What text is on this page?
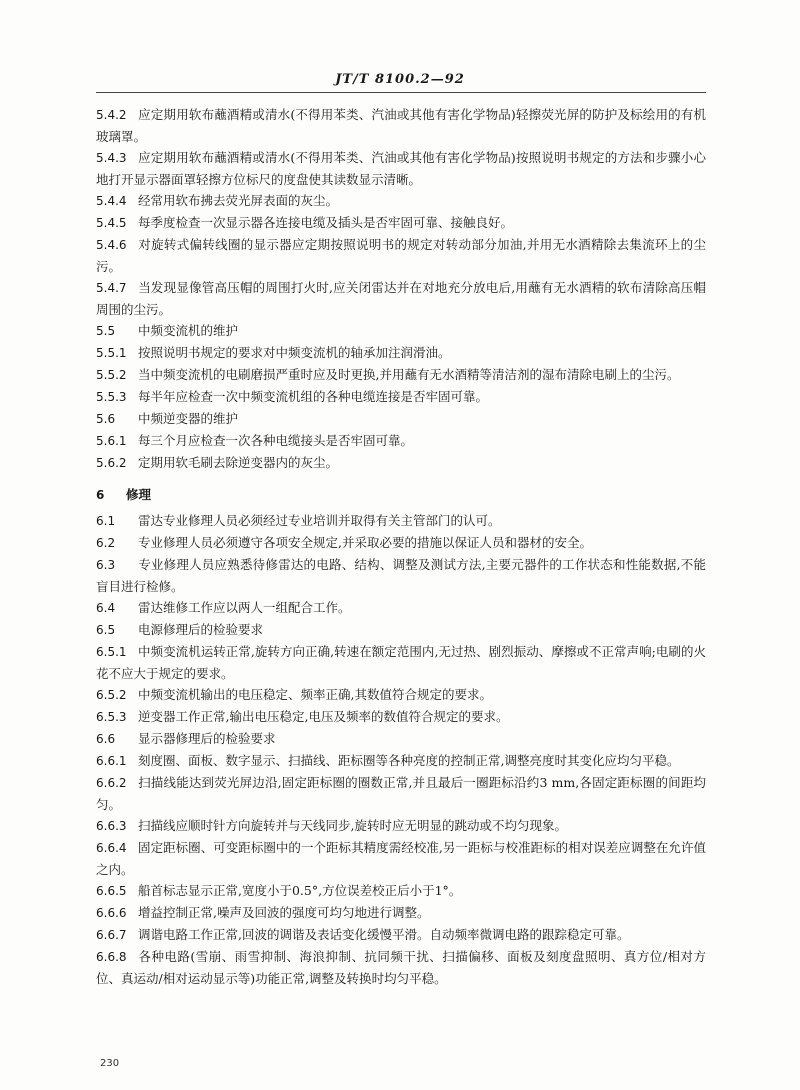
JT/T 8100.2—92

5.4.2 应定期用软布蘸酒精或清水(不得用苯类、汽油或其他有害化学物品)轻擦荧光屏的防护及标绘用的有机玻璃罩。

5.4.3 应定期用软布蘸酒精或清水(不得用苯类、汽油或其他有害化学物品)按照说明书规定的方法和步骤小心地打开显示器面罩轻擦方位标尺的度盘使其读数显示清晰。

5.4.4 经常用软布拂去荧光屏表面的灰尘。

5.4.5 每季度检查一次显示器各连接电缆及插头是否牢固可靠、接触良好。

5.4.6 对旋转式偏转线圈的显示器应定期按照说明书的规定对转动部分加油,并用无水酒精除去集流环上的尘污。

5.4.7 当发现显像管高压帽的周围打火时,应关闭雷达并在对地充分放电后,用蘸有无水酒精的软布清除高压帽周围的尘污。

5.5 中频变流机的维护

5.5.1 按照说明书规定的要求对中频变流机的轴承加注润滑油。

5.5.2 当中频变流机的电刷磨损严重时应及时更换,并用蘸有无水酒精等清洁剂的湿布清除电刷上的尘污。

5.5.3 每半年应检查一次中频变流机组的各种电缆连接是否牢固可靠。

5.6 中频逆变器的维护

5.6.1 每三个月应检查一次各种电缆接头是否牢固可靠。

5.6.2 定期用软毛刷去除逆变器内的灰尘。

6 修理

6.1 雷达专业修理人员必须经过专业培训并取得有关主管部门的认可。

6.2 专业修理人员必须遵守各项安全规定,并采取必要的措施以保证人员和器材的安全。

6.3 专业修理人员应熟悉待修雷达的电路、结构、调整及测试方法,主要元器件的工作状态和性能数据,不能盲目进行检修。

6.4 雷达维修工作应以两人一组配合工作。

6.5 电源修理后的检验要求

6.5.1 中频变流机运转正常,旋转方向正确,转速在额定范围内,无过热、剧烈振动、摩擦或不正常声响;电刷的火花不应大于规定的要求。

6.5.2 中频变流机输出的电压稳定、频率正确,其数值符合规定的要求。

6.5.3 逆变器工作正常,输出电压稳定,电压及频率的数值符合规定的要求。

6.6 显示器修理后的检验要求

6.6.1 刻度圈、面板、数字显示、扫描线、距标圈等各种亮度的控制正常,调整亮度时其变化应均匀平稳。

6.6.2 扫描线能达到荧光屏边沿,固定距标圈的圈数正常,并且最后一圈距标沿约3 mm,各固定距标圈的间距均匀。

6.6.3 扫描线应顺时针方向旋转并与天线同步,旋转时应无明显的跳动或不均匀现象。

6.6.4 固定距标圈、可变距标圈中的一个距标其精度需经校准,另一距标与校准距标的相对误差应调整在允许值之内。

6.6.5 船首标志显示正常,宽度小于0.5°,方位误差校正后小于1°。

6.6.6 增益控制正常,噪声及回波的强度可均匀地进行调整。

6.6.7 调谐电路工作正常,回波的调谐及表话变化缓慢平滑。自动频率微调电路的跟踪稳定可靠。

6.6.8 各种电路(雪崩、雨雪抑制、海浪抑制、抗同频干扰、扫描偏移、面板及刻度盘照明、真方位/相对方位、真运动/相对运动显示等)功能正常,调整及转换时均匀平稳。

230
